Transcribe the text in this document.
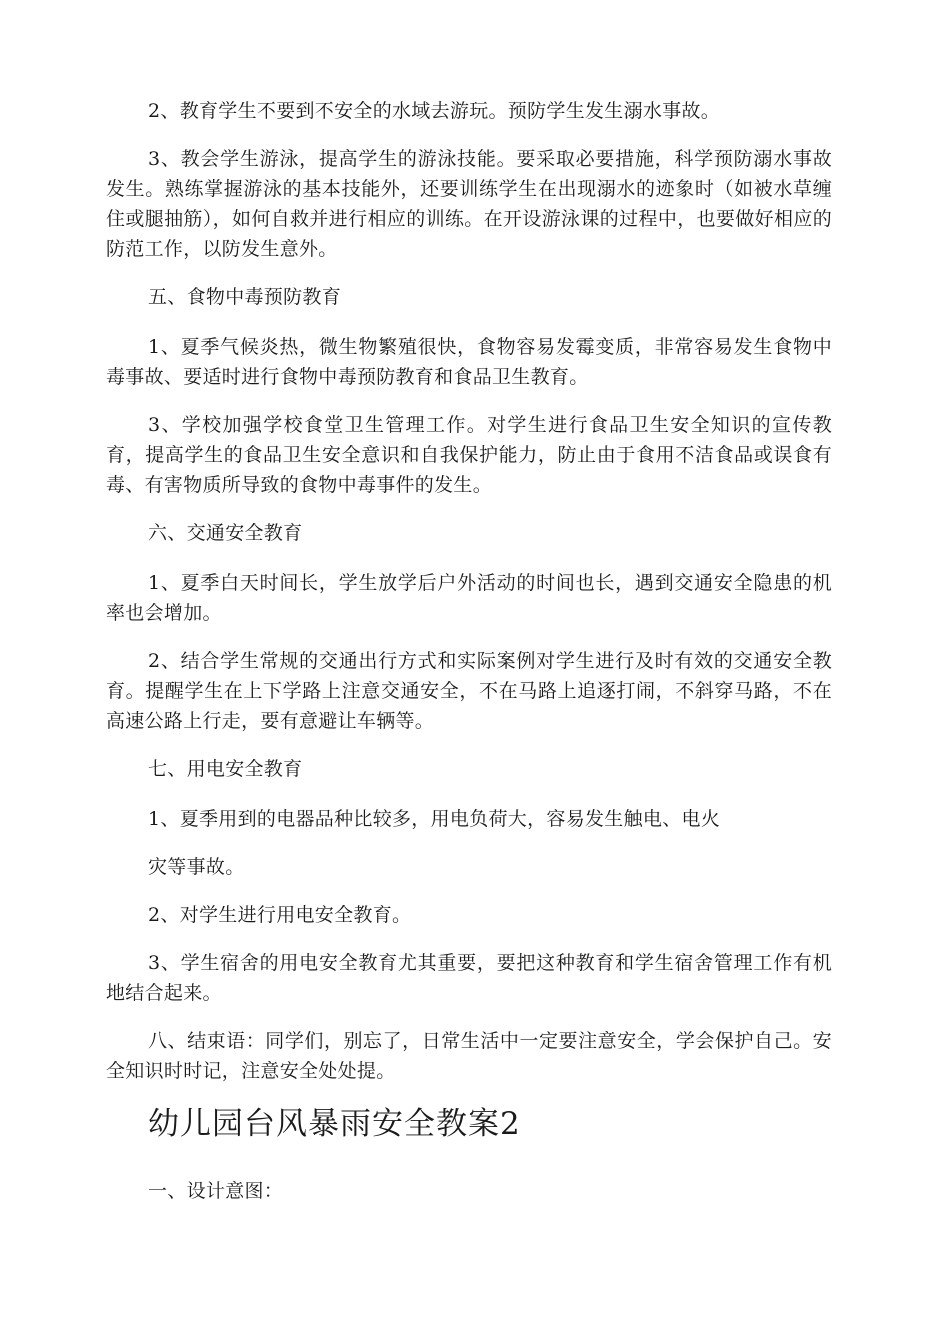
2、教育学生不要到不安全的水域去游玩。预防学生发生溺水事故。

3、教会学生游泳，提高学生的游泳技能。要采取必要措施，科学预防溺水事故发生。熟练掌握游泳的基本技能外，还要训练学生在出现溺水的迹象时（如被水草缠住或腿抽筋），如何自救并进行相应的训练。在开设游泳课的过程中，也要做好相应的防范工作，以防发生意外。

五、食物中毒预防教育

1、夏季气候炎热，微生物繁殖很快，食物容易发霉变质，非常容易发生食物中毒事故、要适时进行食物中毒预防教育和食品卫生教育。

3、学校加强学校食堂卫生管理工作。对学生进行食品卫生安全知识的宣传教育，提高学生的食品卫生安全意识和自我保护能力，防止由于食用不洁食品或误食有毒、有害物质所导致的食物中毒事件的发生。

六、交通安全教育

1、夏季白天时间长，学生放学后户外活动的时间也长，遇到交通安全隐患的机率也会增加。

2、结合学生常规的交通出行方式和实际案例对学生进行及时有效的交通安全教育。提醒学生在上下学路上注意交通安全，不在马路上追逐打闹，不斜穿马路，不在高速公路上行走，要有意避让车辆等。

七、用电安全教育

1、夏季用到的电器品种比较多，用电负荷大，容易发生触电、电火

灾等事故。

2、对学生进行用电安全教育。

3、学生宿舍的用电安全教育尤其重要，要把这种教育和学生宿舍管理工作有机地结合起来。

八、结束语：同学们，别忘了，日常生活中一定要注意安全，学会保护自己。安全知识时时记，注意安全处处提。

幼儿园台风暴雨安全教案2

一、设计意图：
